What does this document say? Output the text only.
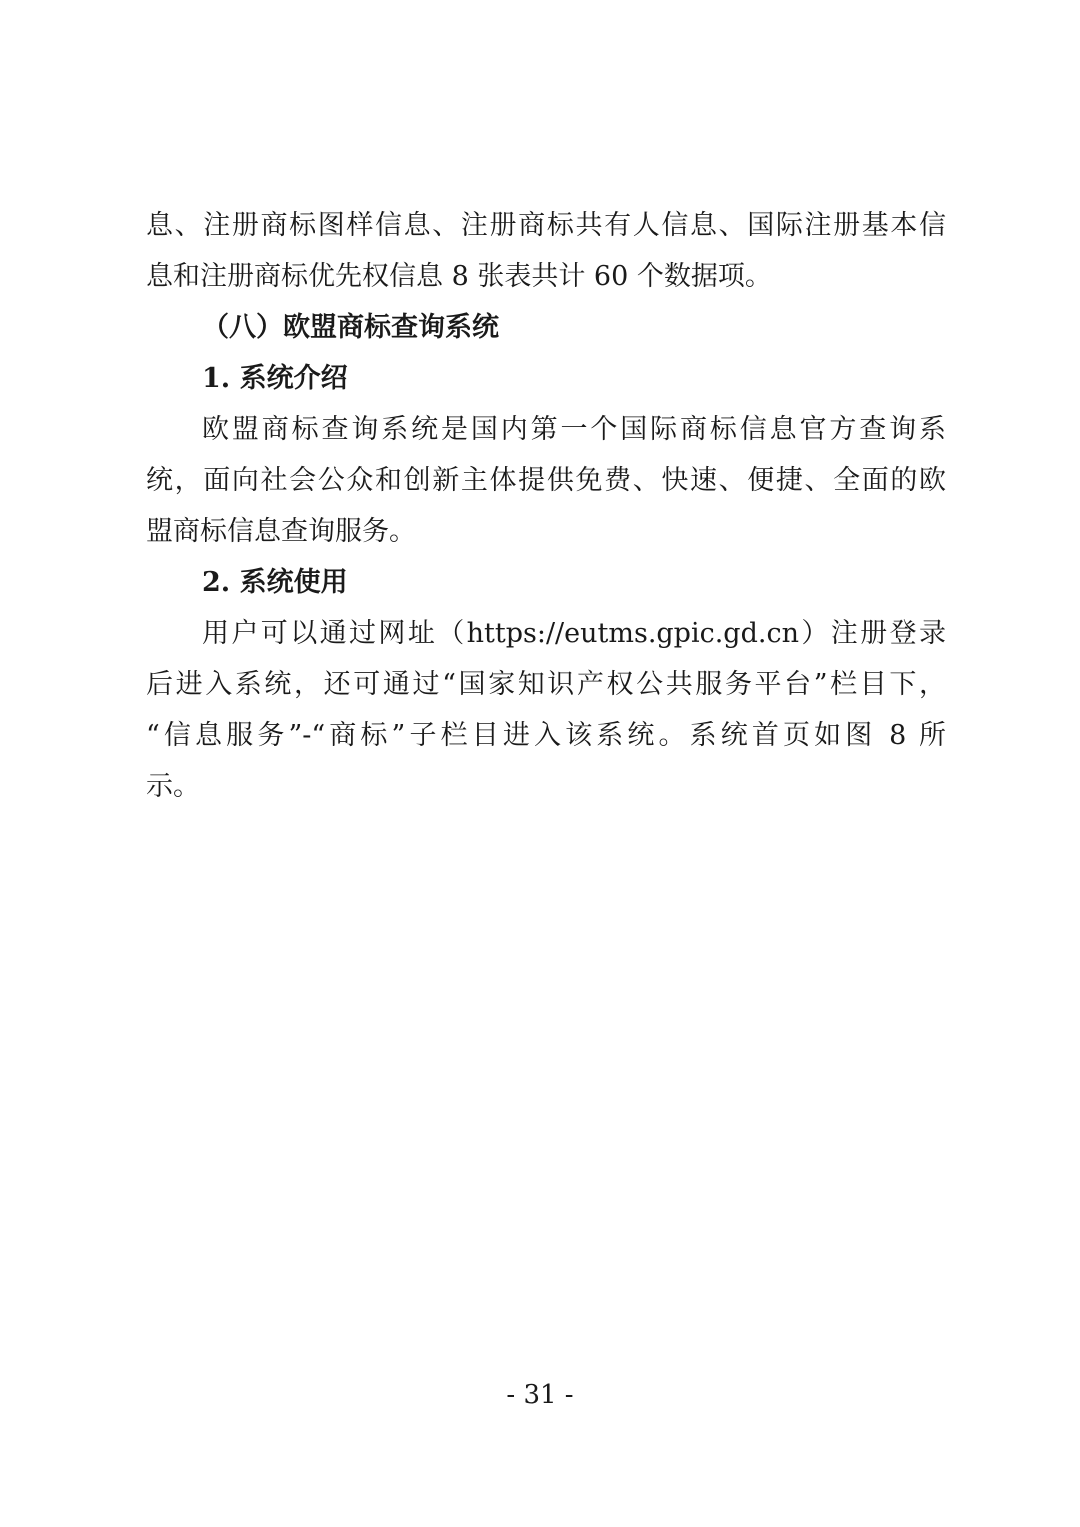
息、注册商标图样信息、注册商标共有人信息、国际注册基本信
息和注册商标优先权信息 8 张表共计 60 个数据项。
（八）欧盟商标查询系统
1. 系统介绍
欧盟商标查询系统是国内第一个国际商标信息官方查询系
统，面向社会公众和创新主体提供免费、快速、便捷、全面的欧
盟商标信息查询服务。
2. 系统使用
用户可以通过网址（https://eutms.gpic.gd.cn）注册登录
后进入系统，还可通过“国家知识产权公共服务平台”栏目下，
“信息服务”-“商标”子栏目进入该系统。系统首页如图 8 所
示。
- 31 -
